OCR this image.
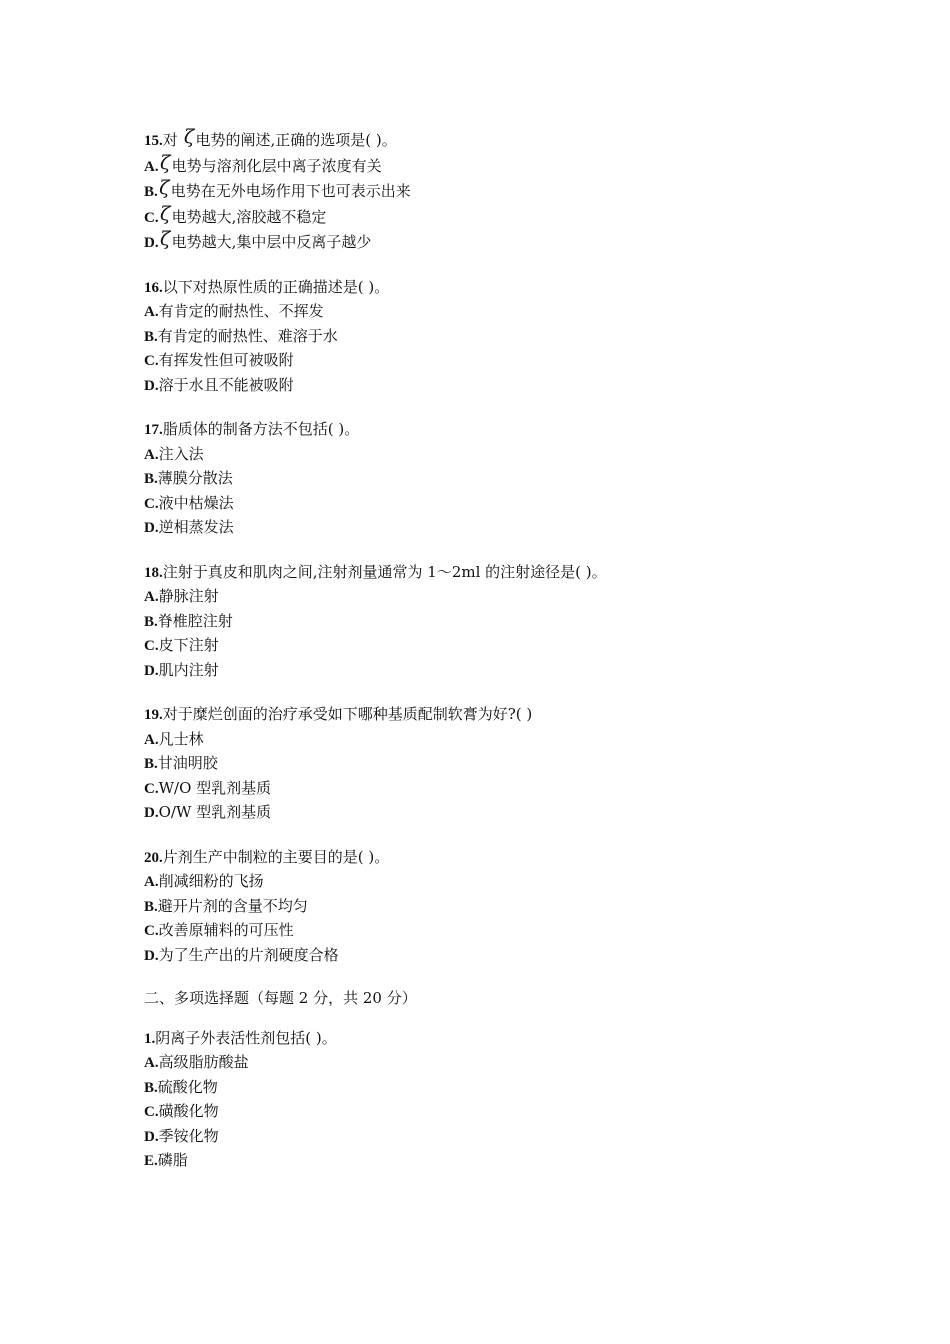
15.对 ζ电势的阐述,正确的选项是( )。
A.ζ电势与溶剂化层中离子浓度有关
B.ζ电势在无外电场作用下也可表示出来
C.ζ电势越大,溶胶越不稳定
D.ζ电势越大,集中层中反离子越少
16.以下对热原性质的正确描述是( )。
A.有肯定的耐热性、不挥发
B.有肯定的耐热性、难溶于水
C.有挥发性但可被吸附
D.溶于水且不能被吸附
17.脂质体的制备方法不包括( )。
A.注入法
B.薄膜分散法
C.液中枯燥法
D.逆相蒸发法
18.注射于真皮和肌肉之间,注射剂量通常为 1～2ml 的注射途径是( )。
A.静脉注射
B.脊椎腔注射
C.皮下注射
D.肌内注射
19.对于糜烂创面的治疗承受如下哪种基质配制软膏为好?( )
A.凡士林
B.甘油明胶
C.W/O 型乳剂基质
D.O/W 型乳剂基质
20.片剂生产中制粒的主要目的是( )。
A.削减细粉的飞扬
B.避开片剂的含量不均匀
C.改善原辅料的可压性
D.为了生产出的片剂硬度合格
二、多项选择题（每题 2 分，共 20 分）
1.阴离子外表活性剂包括( )。
A.高级脂肪酸盐
B.硫酸化物
C.磺酸化物
D.季铵化物
E.磷脂
